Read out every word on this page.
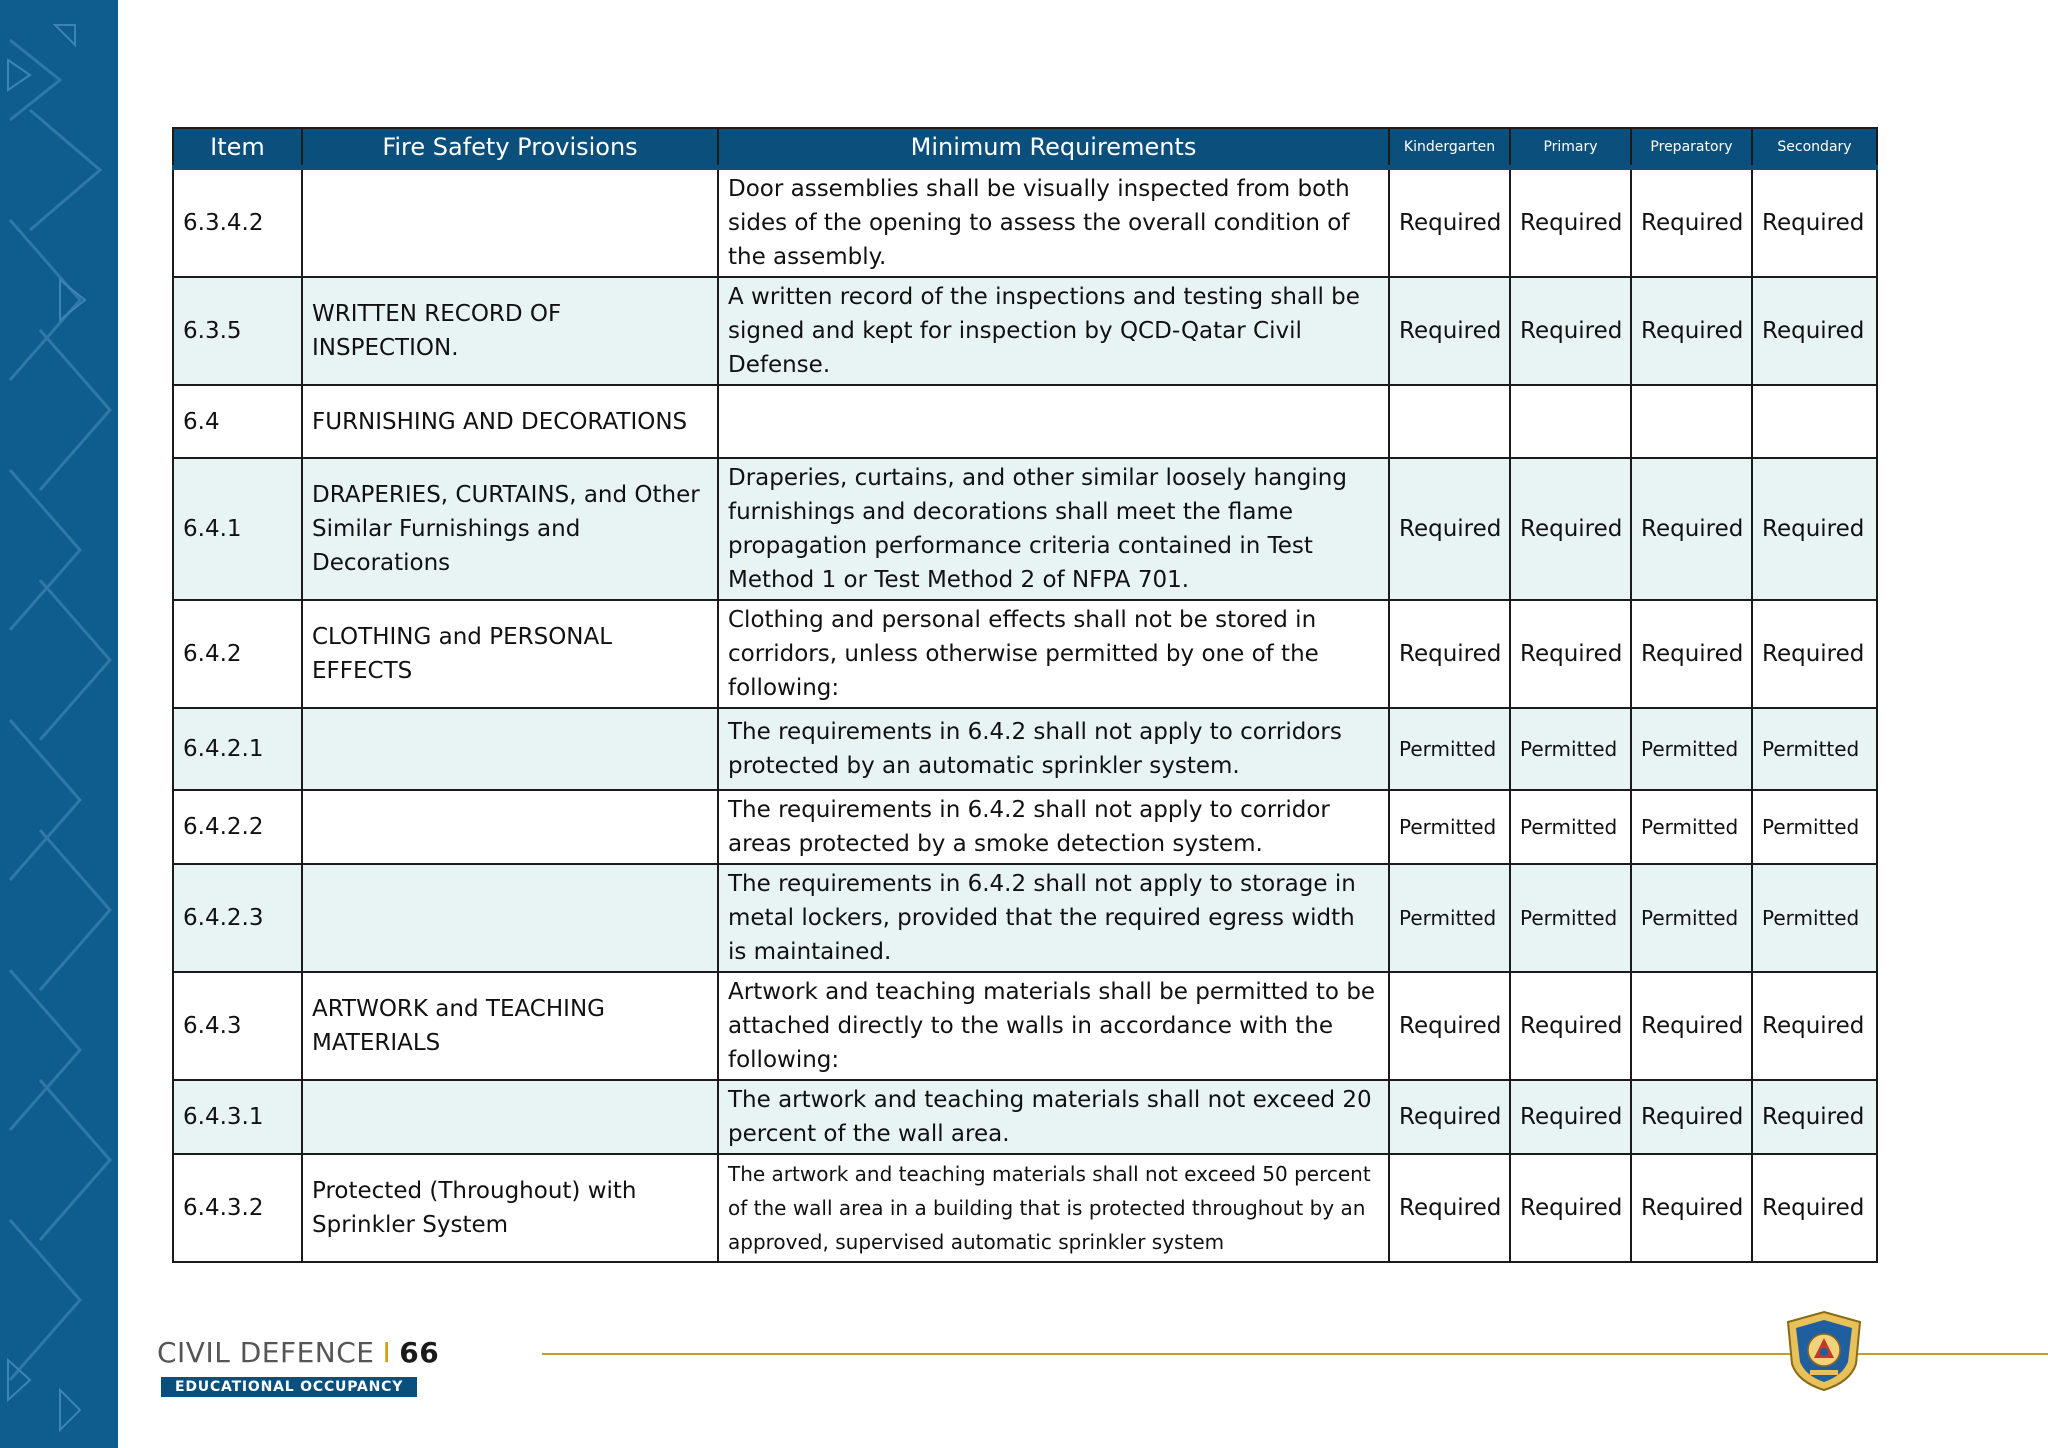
Item	Fire Safety Provisions	Minimum Requirements	Kindergarten	Primary	Preparatory	Secondary
6.3.4.2		Door assemblies shall be visually inspected from both sides of the opening to assess the overall condition of the assembly.	Required	Required	Required	Required
6.3.5	WRITTEN RECORD OF INSPECTION.	A written record of the inspections and testing shall be signed and kept for inspection by QCD-Qatar Civil Defense.	Required	Required	Required	Required
6.4	FURNISHING AND DECORATIONS					
6.4.1	DRAPERIES, CURTAINS, and Other Similar Furnishings and Decorations	Draperies, curtains, and other similar loosely hanging furnishings and decorations shall meet the flame propagation performance criteria contained in Test Method 1 or Test Method 2 of NFPA 701.	Required	Required	Required	Required
6.4.2	CLOTHING and PERSONAL EFFECTS	Clothing and personal effects shall not be stored in corridors, unless otherwise permitted by one of the following:	Required	Required	Required	Required
6.4.2.1		The requirements in 6.4.2 shall not apply to corridors protected by an automatic sprinkler system.	Permitted	Permitted	Permitted	Permitted
6.4.2.2		The requirements in 6.4.2 shall not apply to corridor areas protected by a smoke detection system.	Permitted	Permitted	Permitted	Permitted
6.4.2.3		The requirements in 6.4.2 shall not apply to storage in metal lockers, provided that the required egress width is maintained.	Permitted	Permitted	Permitted	Permitted
6.4.3	ARTWORK and TEACHING MATERIALS	Artwork and teaching materials shall be permitted to be attached directly to the walls in accordance with the following:	Required	Required	Required	Required
6.4.3.1		The artwork and teaching materials shall not exceed 20 percent of the wall area.	Required	Required	Required	Required
6.4.3.2	Protected (Throughout) with Sprinkler System	The artwork and teaching materials shall not exceed 50 percent of the wall area in a building that is protected throughout by an approved, supervised automatic sprinkler system	Required	Required	Required	Required
CIVIL DEFENCE I 66
EDUCATIONAL OCCUPANCY
